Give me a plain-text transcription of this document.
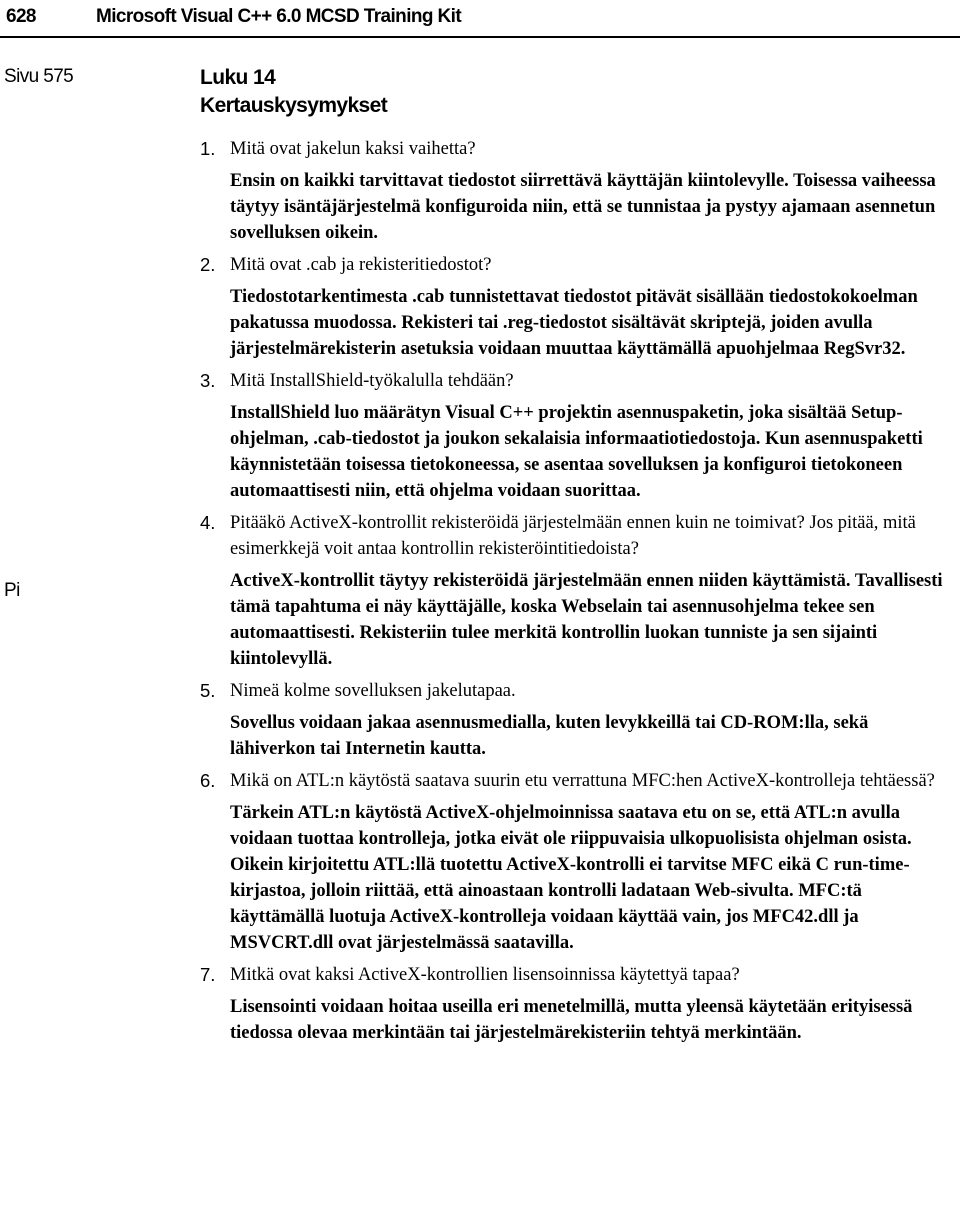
628	Microsoft Visual C++ 6.0 MCSD Training Kit
Sivu 575
Pi
Luku 14
Kertauskysymykset

1. Mitä ovat jakelun kaksi vaihetta?

Ensin on kaikki tarvittavat tiedostot siirrettävä käyttäjän kiintolevylle. Toisessa vaiheessa täytyy isäntäjärjestelmä konfiguroida niin, että se tunnistaa ja pystyy ajamaan asennetun sovelluksen oikein.

2. Mitä ovat .cab ja rekisteritiedostot?

Tiedostotarkentimesta .cab tunnistettavat tiedostot pitävät sisällään tiedostokokoelman pakatussa muodossa. Rekisteri tai .reg-tiedostot sisältävät skriptejä, joiden avulla järjestelmärekisterin asetuksia voidaan muuttaa käyttämällä apuohjelmaa RegSvr32.

3. Mitä InstallShield-työkalulla tehdään?

InstallShield luo määrätyn Visual C++ projektin asennuspaketin, joka sisältää Setup-ohjelman, .cab-tiedostot ja joukon sekalaisia informaatiotiedostoja. Kun asennuspaketti käynnistetään toisessa tietokoneessa, se asentaa sovelluksen ja konfiguroi tietokoneen automaattisesti niin, että ohjelma voidaan suorittaa.

4. Pitääkö ActiveX-kontrollit rekisteröidä järjestelmään ennen kuin ne toimivat? Jos pitää, mitä esimerkkejä voit antaa kontrollin rekisteröintitiedoista?

ActiveX-kontrollit täytyy rekisteröidä järjestelmään ennen niiden käyttämistä. Tavallisesti tämä tapahtuma ei näy käyttäjälle, koska Webselain tai asennusohjelma tekee sen automaattisesti. Rekisteriin tulee merkitä kontrollin luokan tunniste ja sen sijainti kiintolevyllä.

5. Nimeä kolme sovelluksen jakelutapaa.

Sovellus voidaan jakaa asennusmedialla, kuten levykkeillä tai CD-ROM:lla, sekä lähiverkon tai Internetin kautta.

6. Mikä on ATL:n käytöstä saatava suurin etu verrattuna MFC:hen ActiveX-kontrolleja tehtäessä?

Tärkein ATL:n käytöstä ActiveX-ohjelmoinnissa saatava etu on se, että ATL:n avulla voidaan tuottaa kontrolleja, jotka eivät ole riippuvaisia ulkopuolisista ohjelman osista. Oikein kirjoitettu ATL:llä tuotettu ActiveX-kontrolli ei tarvitse MFC eikä C run-time-kirjastoa, jolloin riittää, että ainoastaan kontrolli ladataan Web-sivulta. MFC:tä käyttämällä luotuja ActiveX-kontrolleja voidaan käyttää vain, jos MFC42.dll ja MSVCRT.dll ovat järjestelmässä saatavilla.

7. Mitkä ovat kaksi ActiveX-kontrollien lisensoinnissa käytettyä tapaa?

Lisensointi voidaan hoitaa useilla eri menetelmillä, mutta yleensä käytetään erityisessä tiedossa olevaa merkintään tai järjestelmärekisteriin tehtyä merkintään.
